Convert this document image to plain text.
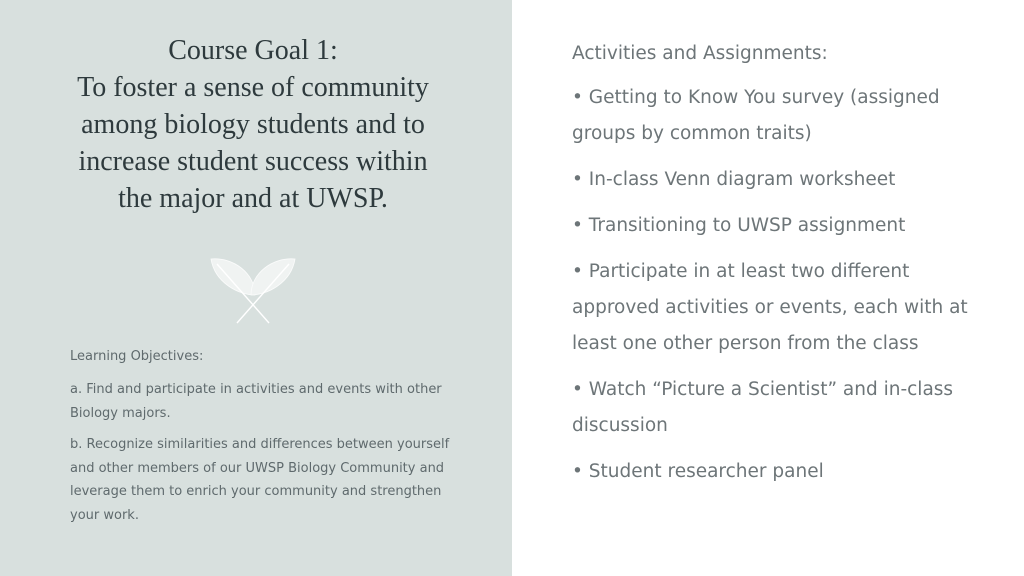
Course Goal 1:
To foster a sense of community
among biology students and to
increase student success within
the major and at UWSP.

Learning Objectives:

a. Find and participate in activities and events with other Biology majors.

b. Recognize similarities and differences between yourself and other members of our UWSP Biology Community and leverage them to enrich your community and strengthen your work.

Activities and Assignments:

• Getting to Know You survey (assigned groups by common traits)

• In-class Venn diagram worksheet

• Transitioning to UWSP assignment

• Participate in at least two different approved activities or events, each with at least one other person from the class

• Watch “Picture a Scientist” and in-class discussion

• Student researcher panel
